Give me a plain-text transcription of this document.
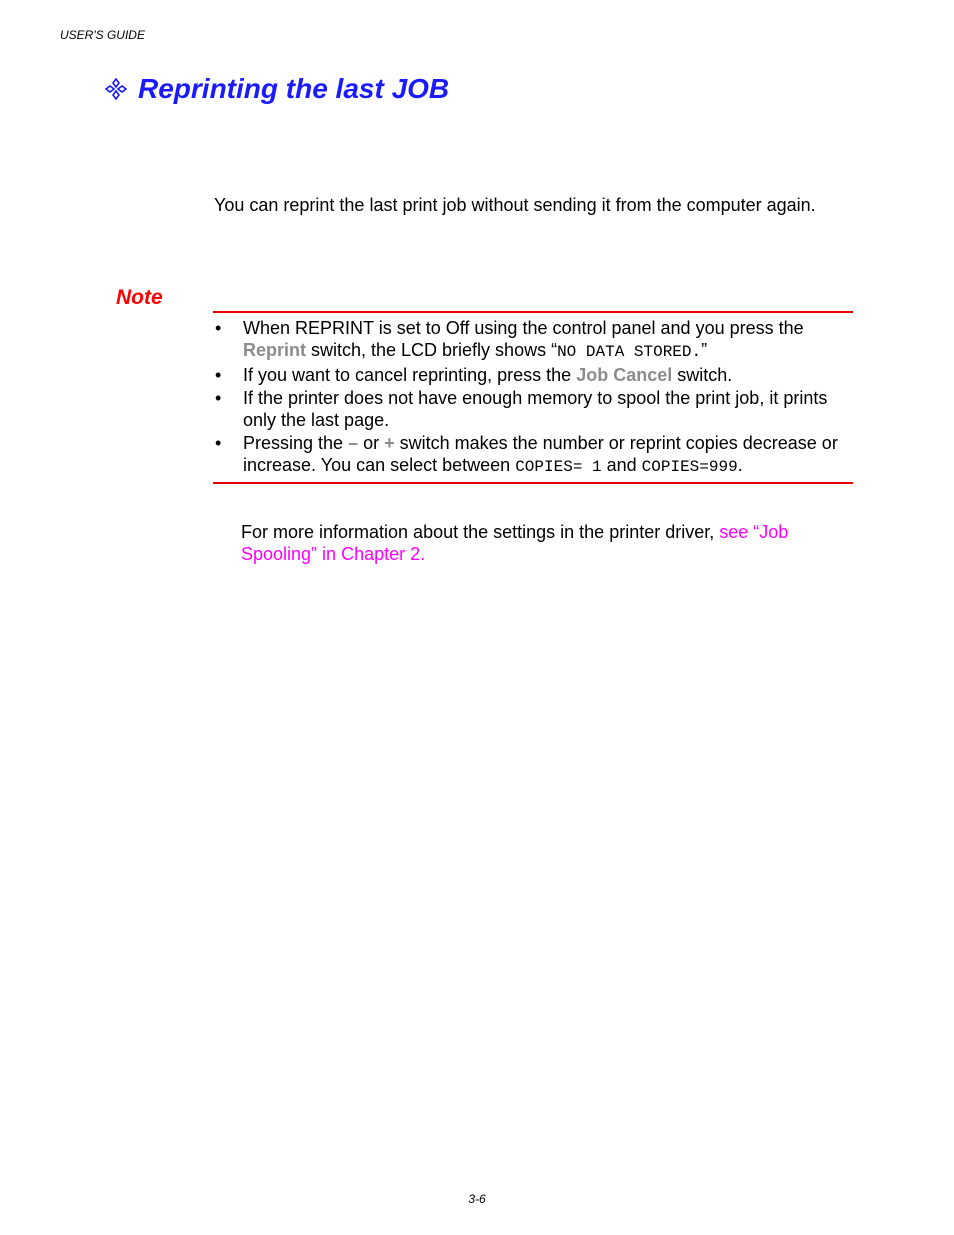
USER'S GUIDE
Reprinting the last JOB
You can reprint the last print job without sending it from the computer again.
Note
• When REPRINT is set to Off using the control panel and you press the Reprint switch, the LCD briefly shows “NO DATA STORED.”
• If you want to cancel reprinting, press the Job Cancel switch.
• If the printer does not have enough memory to spool the print job, it prints only the last page.
• Pressing the – or + switch makes the number or reprint copies decrease or increase. You can select between COPIES= 1 and COPIES=999.
For more information about the settings in the printer driver, see “Job Spooling” in Chapter 2.
3-6
